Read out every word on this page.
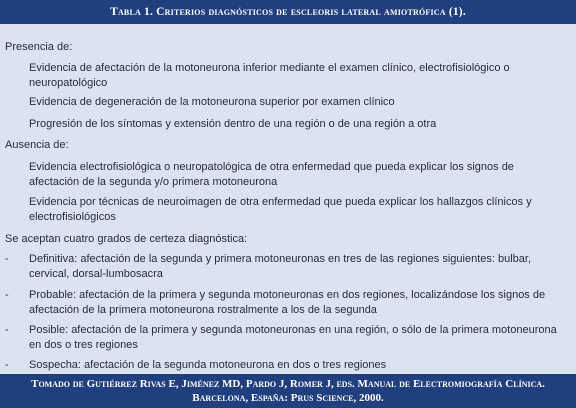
Tabla 1. Criterios diagnósticos de escleoris lateral amiotrófica (1).
Presencia de:
Evidencia de afectación de la motoneurona inferior mediante el examen clínico, electrofisiológico o neuropatológico
Evidencia de degeneración de la motoneurona superior por examen clínico
Progresión de los síntomas y extensión dentro de una región o de una región a otra
Ausencia de:
Evidencia electrofisiológica o neuropatológica de otra enfermedad que pueda explicar los signos de afectación de la segunda y/o primera motoneurona
Evidencia por técnicas de neuroimagen de otra enfermedad que pueda explicar los hallazgos clínicos y electrofisiológicos
Se aceptan cuatro grados de certeza diagnóstica:
-	Definitiva: afectación de la segunda y primera motoneuronas en tres de las regiones siguientes: bulbar, cervical, dorsal-lumbosacra
-	Probable: afectación de la primera y segunda motoneuronas en dos regiones, localizándose los signos de afectación de la primera motoneurona rostralmente a los de la segunda
-	Posible: afectación de la primera y segunda motoneuronas en una región, o sólo de la primera motoneurona en dos o tres regiones
-	Sospecha: afectación de la segunda motoneurona en dos o tres regiones
Tomado de Gutiérrez Rivas E, Jiménez MD, Pardo J, Romer J, eds. Manual de Electromiografía Clínica.
Barcelona, España: Prus Science, 2000.
